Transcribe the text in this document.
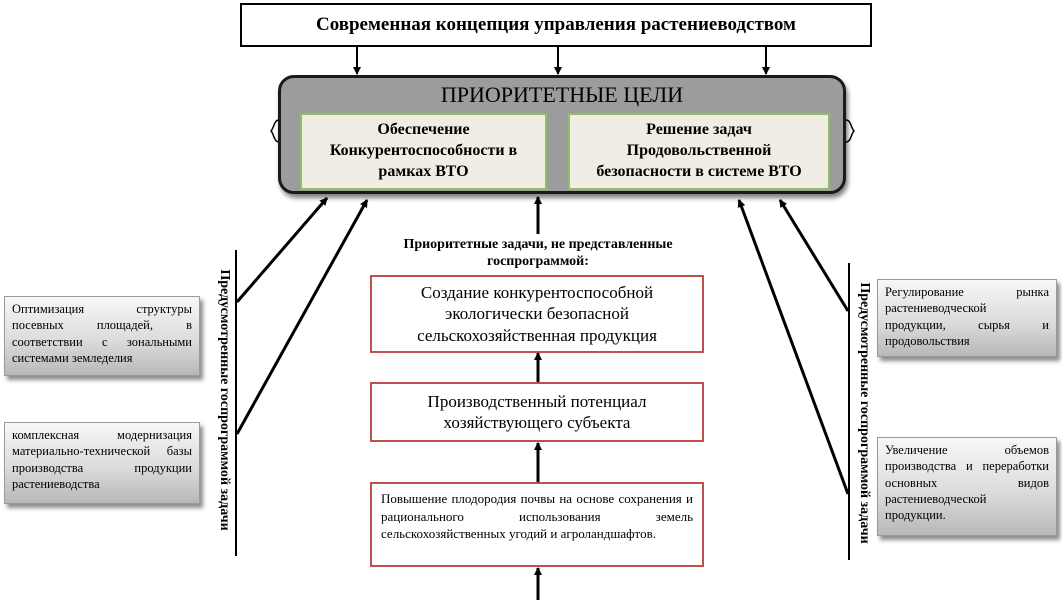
Современная концепция управления растениеводством
ПРИОРИТЕТНЫЕ ЦЕЛИ
Обеспечение
Конкурентоспособности в
рамках ВТО
Решение задач
Продовольственной
безопасности в системе ВТО
Приоритетные задачи, не представленные
госпрограммой:
Создание конкурентоспособной
экологически безопасной
сельскохозяйственная продукция
Производственный потенциал
хозяйствующего субъекта
Повышение плодородия почвы на основе сохранения и рационального использования земель сельскохозяйственных угодий и агроландшафтов.
Предусмотренные госпрограммой задачи	Предусмотренные госпрограммой задачи
Оптимизация структуры посевных площадей, в соответствии с зональными системами земледелия
комплексная модернизация материально-технической базы производства продукции растениеводства
Регулирование рынка растениеводческой продукции, сырья и продовольствия
Увеличение объемов производства и переработки основных видов растениеводческой продукции.
